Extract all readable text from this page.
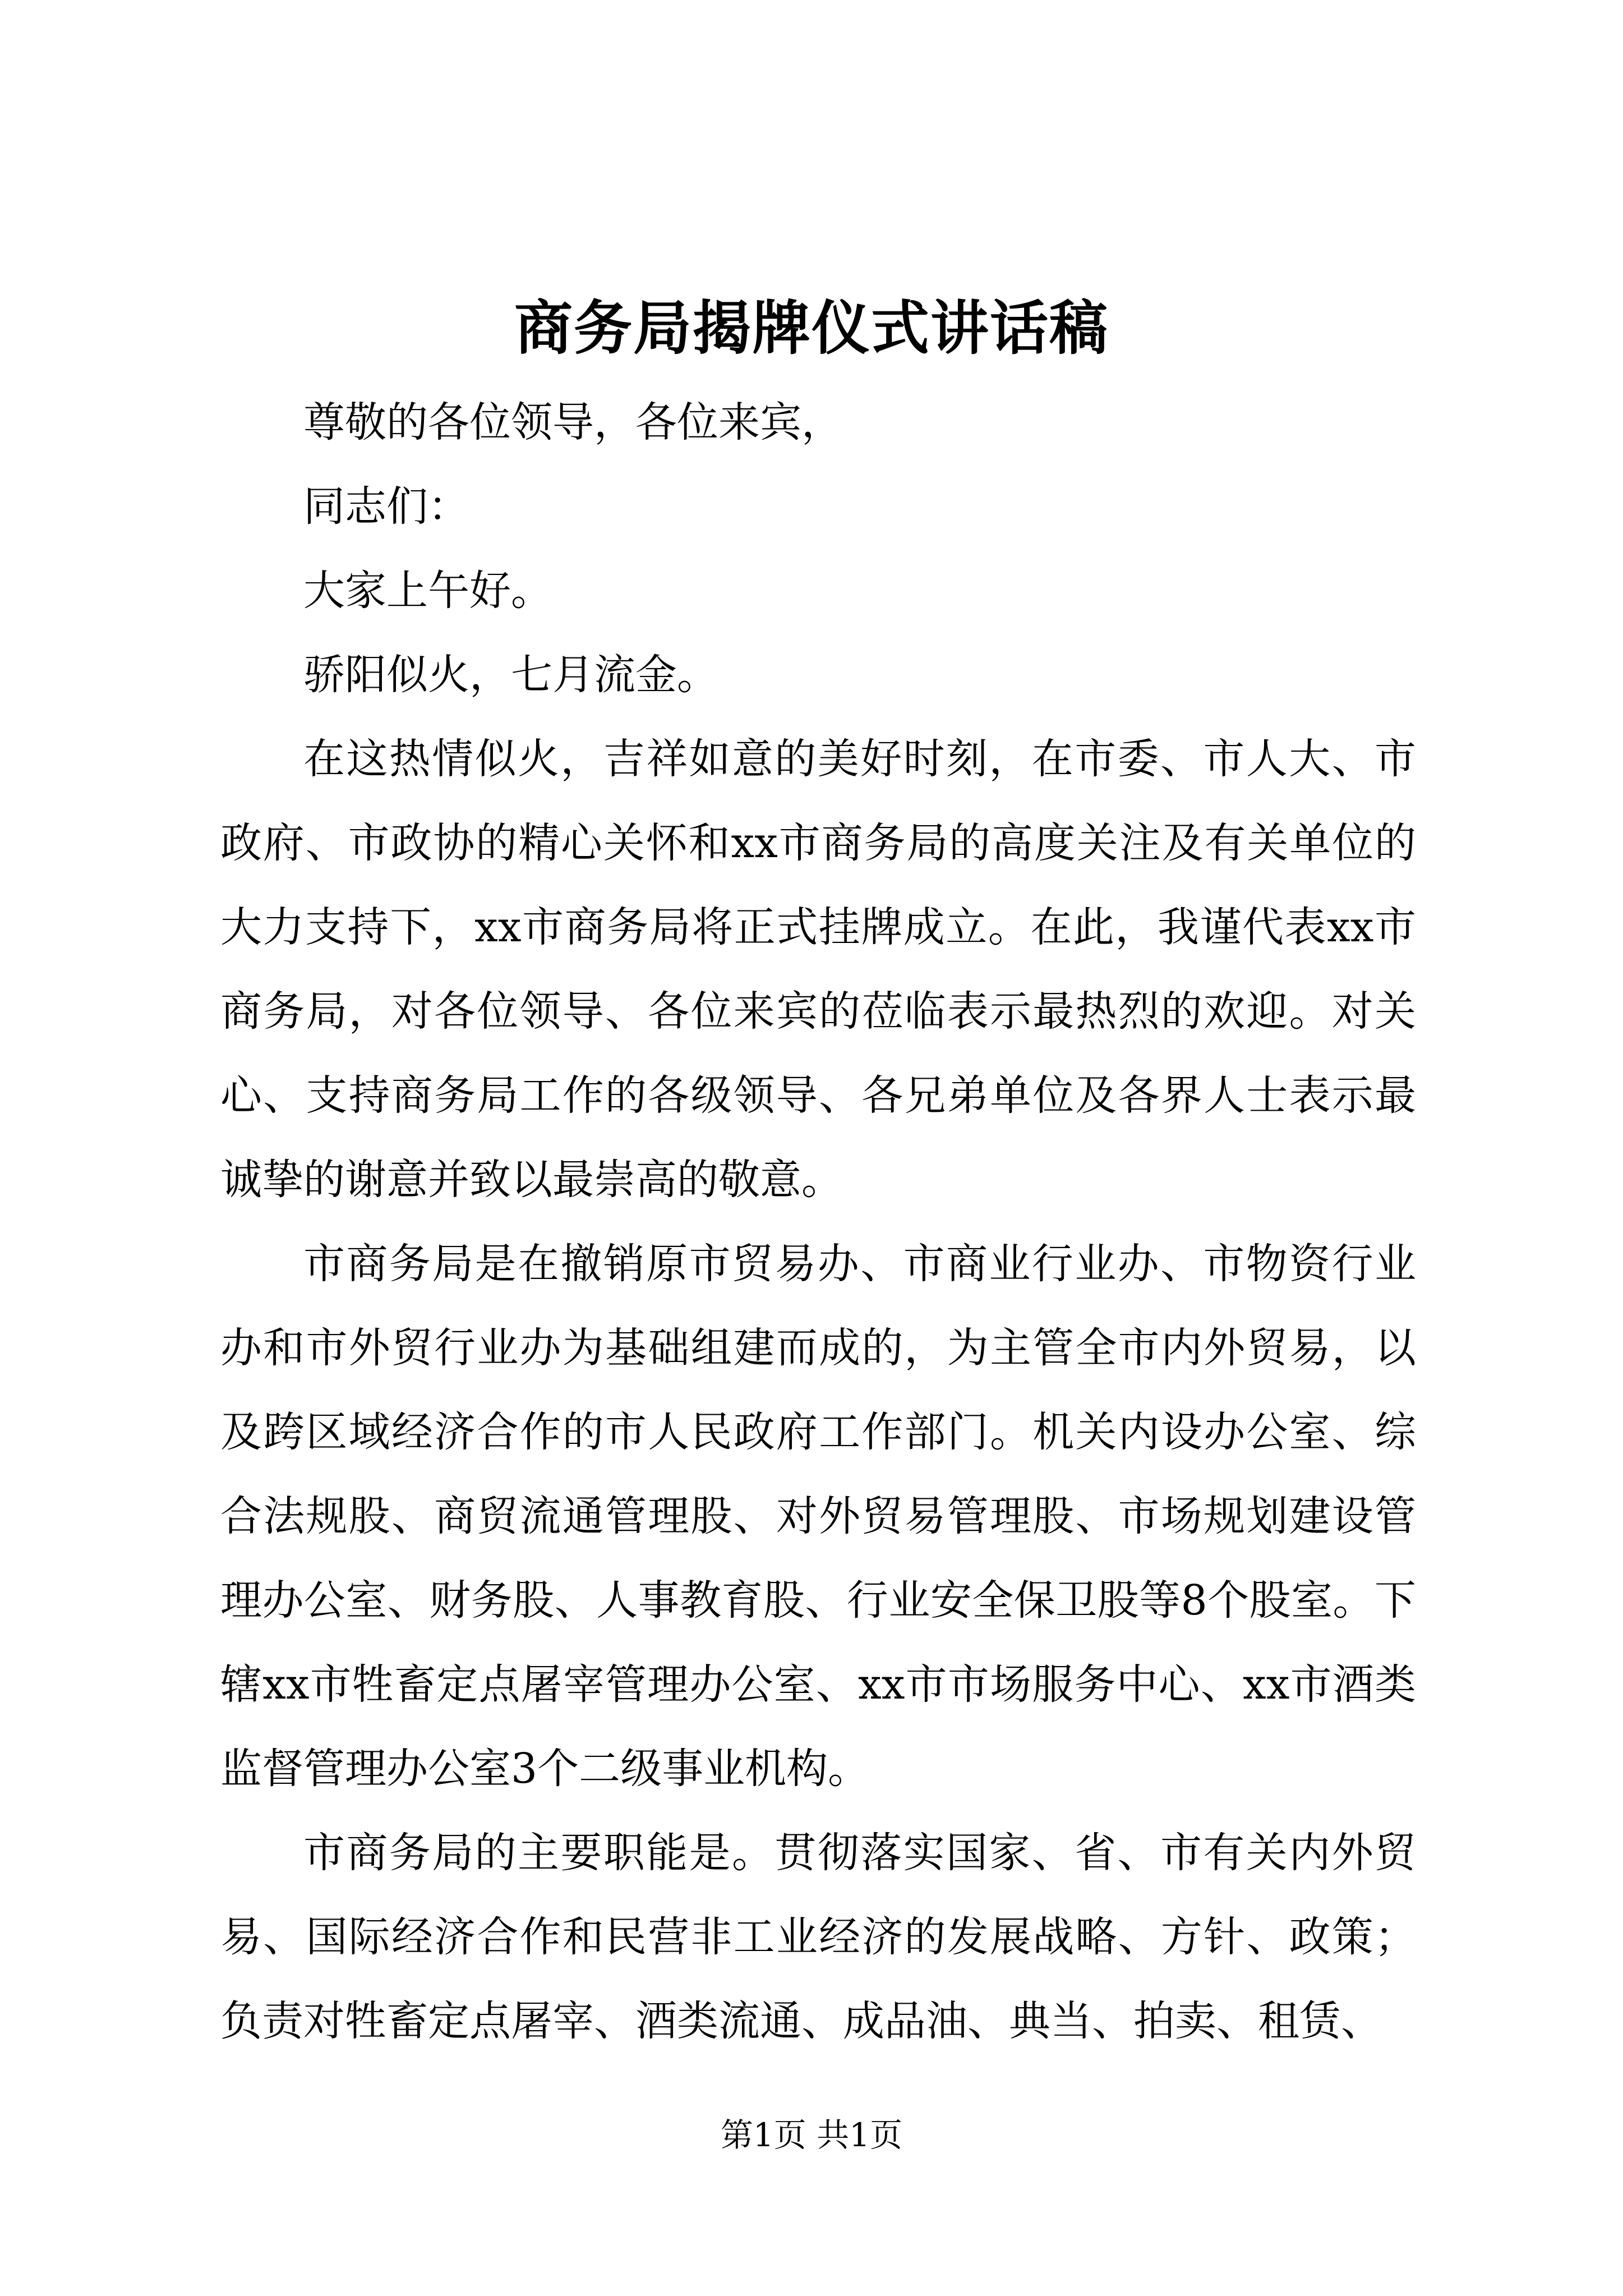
商务局揭牌仪式讲话稿

尊敬的各位领导，各位来宾，

同志们：

大家上午好。

骄阳似火，七月流金。

在这热情似火，吉祥如意的美好时刻，在市委、市人大、市政府、市政协的精心关怀和xx市商务局的高度关注及有关单位的大力支持下，xx市商务局将正式挂牌成立。在此，我谨代表xx市商务局，对各位领导、各位来宾的莅临表示最热烈的欢迎。对关心、支持商务局工作的各级领导、各兄弟单位及各界人士表示最诚挚的谢意并致以最崇高的敬意。

市商务局是在撤销原市贸易办、市商业行业办、市物资行业办和市外贸行业办为基础组建而成的，为主管全市内外贸易，以及跨区域经济合作的市人民政府工作部门。机关内设办公室、综合法规股、商贸流通管理股、对外贸易管理股、市场规划建设管理办公室、财务股、人事教育股、行业安全保卫股等8个股室。下辖xx市牲畜定点屠宰管理办公室、xx市市场服务中心、xx市酒类监督管理办公室3个二级事业机构。

市商务局的主要职能是。贯彻落实国家、省、市有关内外贸易、国际经济合作和民营非工业经济的发展战略、方针、政策；负责对牲畜定点屠宰、酒类流通、成品油、典当、拍卖、租赁、

第1页 共1页
